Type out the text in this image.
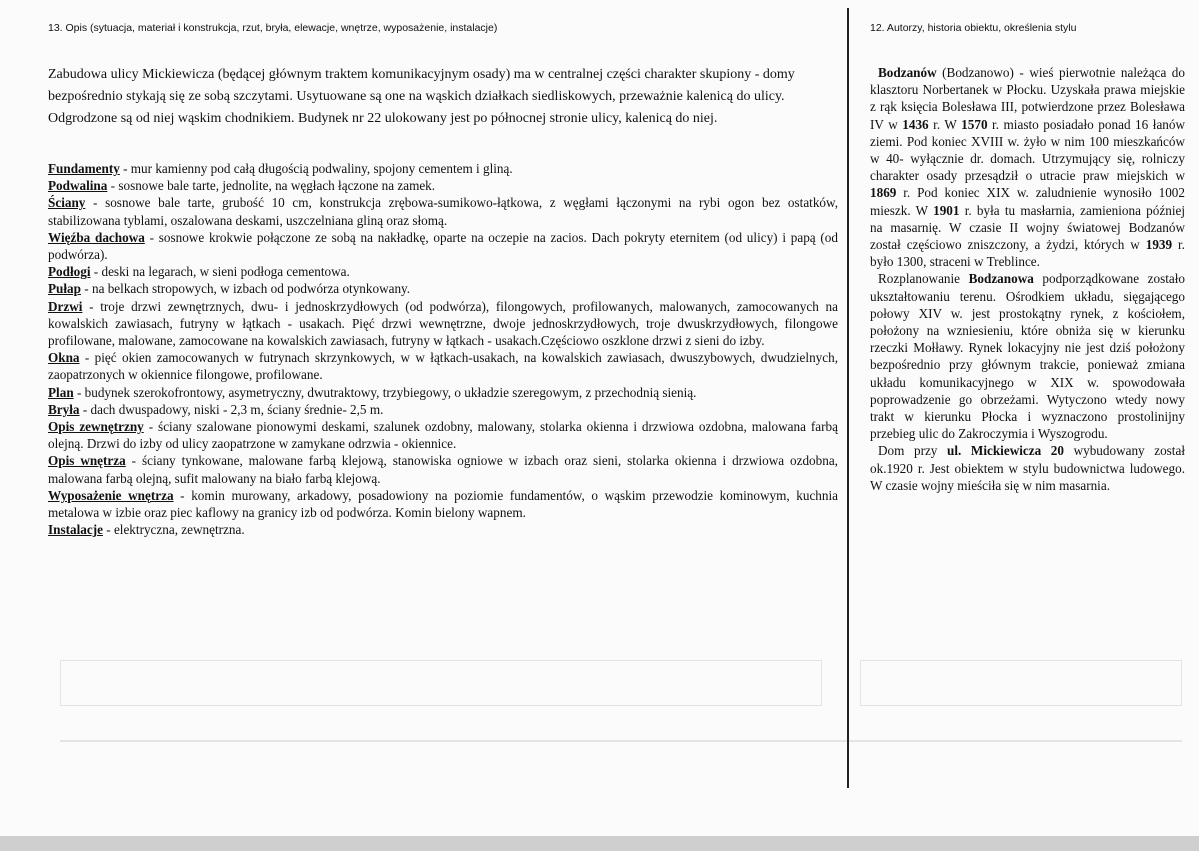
13. Opis (sytuacja, materiał i konstrukcja, rzut, bryła, elewacje, wnętrze, wyposażenie, instalacje)
Zabudowa ulicy Mickiewicza (będącej głównym traktem komunikacyjnym osady) ma w centralnej części charakter skupiony - domy
bezpośrednio stykają się ze sobą szczytami. Usytuowane są one na wąskich działkach siedliskowych, przeważnie kalenicą do ulicy.
Odgrodzone są od niej wąskim chodnikiem. Budynek nr 22 ulokowany jest po północnej stronie ulicy, kalenicą do niej.

Fundamenty - mur kamienny pod całą długością podwaliny, spojony cementem i gliną.

Podwalina - sosnowe bale tarte, jednolite, na węgłach łączone na zamek.

Ściany - sosnowe bale tarte, grubość 10 cm, konstrukcja zrębowa-sumikowo-łątkowa, z węgłami łączonymi na rybi ogon bez ostatków, stabilizowana tyblami, oszalowana deskami, uszczelniana gliną oraz słomą.

Więźba dachowa - sosnowe krokwie połączone ze sobą na nakładkę, oparte na oczepie na zacios. Dach pokryty eternitem (od ulicy) i papą (od podwórza).

Podłogi - deski na legarach, w sieni podłoga cementowa.

Pułap - na belkach stropowych, w izbach od podwórza otynkowany.

Drzwi - troje drzwi zewnętrznych, dwu- i jednoskrzydłowych (od podwórza), filongowych, profilowanych, malowanych, zamocowanych na kowalskich zawiasach, futryny w łątkach - usakach. Pięć drzwi wewnętrzne, dwoje jednoskrzydłowych, troje dwuskrzydłowych, filongowe profilowane, malowane, zamocowane na kowalskich zawiasach, futryny w łątkach - usakach.Częściowo oszklone drzwi z sieni do izby.

Okna - pięć okien zamocowanych w futrynach skrzynkowych, w w łątkach-usakach, na kowalskich zawiasach, dwuszybowych, dwudzielnych, zaopatrzonych w okiennice filongowe, profilowane.

Plan - budynek szerokofrontowy, asymetryczny, dwutraktowy, trzybiegowy, o układzie szeregowym, z przechodnią sienią.

Bryła - dach dwuspadowy, niski - 2,3 m, ściany średnie- 2,5 m.

Opis zewnętrzny - ściany szalowane pionowymi deskami, szalunek ozdobny, malowany, stolarka okienna i drzwiowa ozdobna, malowana farbą olejną. Drzwi do izby od ulicy zaopatrzone w zamykane odrzwia - okiennice.

Opis wnętrza - ściany tynkowane, malowane farbą klejową, stanowiska ogniowe w izbach oraz sieni, stolarka okienna i drzwiowa ozdobna, malowana farbą olejną, sufit malowany na biało farbą klejową.

Wyposażenie wnętrza - komin murowany, arkadowy, posadowiony na poziomie fundamentów, o wąskim przewodzie kominowym, kuchnia metalowa w izbie oraz piec kaflowy na granicy izb od podwórza. Komin bielony wapnem.

Instalacje - elektryczna, zewnętrzna.

12. Autorzy, historia obiektu, określenia stylu

Bodzanów (Bodzanowo) - wieś pierwotnie należąca do klasztoru Norbertanek w Płocku. Uzyskała prawa miejskie z rąk księcia Bolesława III, potwierdzone przez Bolesława IV w 1436 r. W 1570 r. miasto posiadało ponad 16 łanów ziemi. Pod koniec XVIII w. żyło w nim 100 mieszkańców w 40- wyłącznie dr. domach. Utrzymujący się, rolniczy charakter osady przesądził o utracie praw miejskich w 1869 r. Pod koniec XIX w. zaludnienie wynosiło 1002 mieszk. W 1901 r. była tu masłarnia, zamieniona później na masarnię. W czasie II wojny światowej Bodzanów został częściowo zniszczony, a żydzi, których w 1939 r. było 1300, straceni w Treblince.

Rozplanowanie Bodzanowa podporządkowane zostało ukształtowaniu terenu. Ośrodkiem układu, sięgającego połowy XIV w. jest prostokątny rynek, z kościołem, położony na wzniesieniu, które obniża się w kierunku rzeczki Mołławy. Rynek lokacyjny nie jest dziś położony bezpośrednio przy głównym trakcie, ponieważ zmiana układu komunikacyjnego w XIX w. spowodowała poprowadzenie go obrzeżami. Wytyczono wtedy nowy trakt w kierunku Płocka i wyznaczono prostolinijny przebieg ulic do Zakroczymia i Wyszogrodu.

Dom przy ul. Mickiewicza 20 wybudowany został ok.1920 r. Jest obiektem w stylu budownictwa ludowego. W czasie wojny mieściła się w nim masarnia.
